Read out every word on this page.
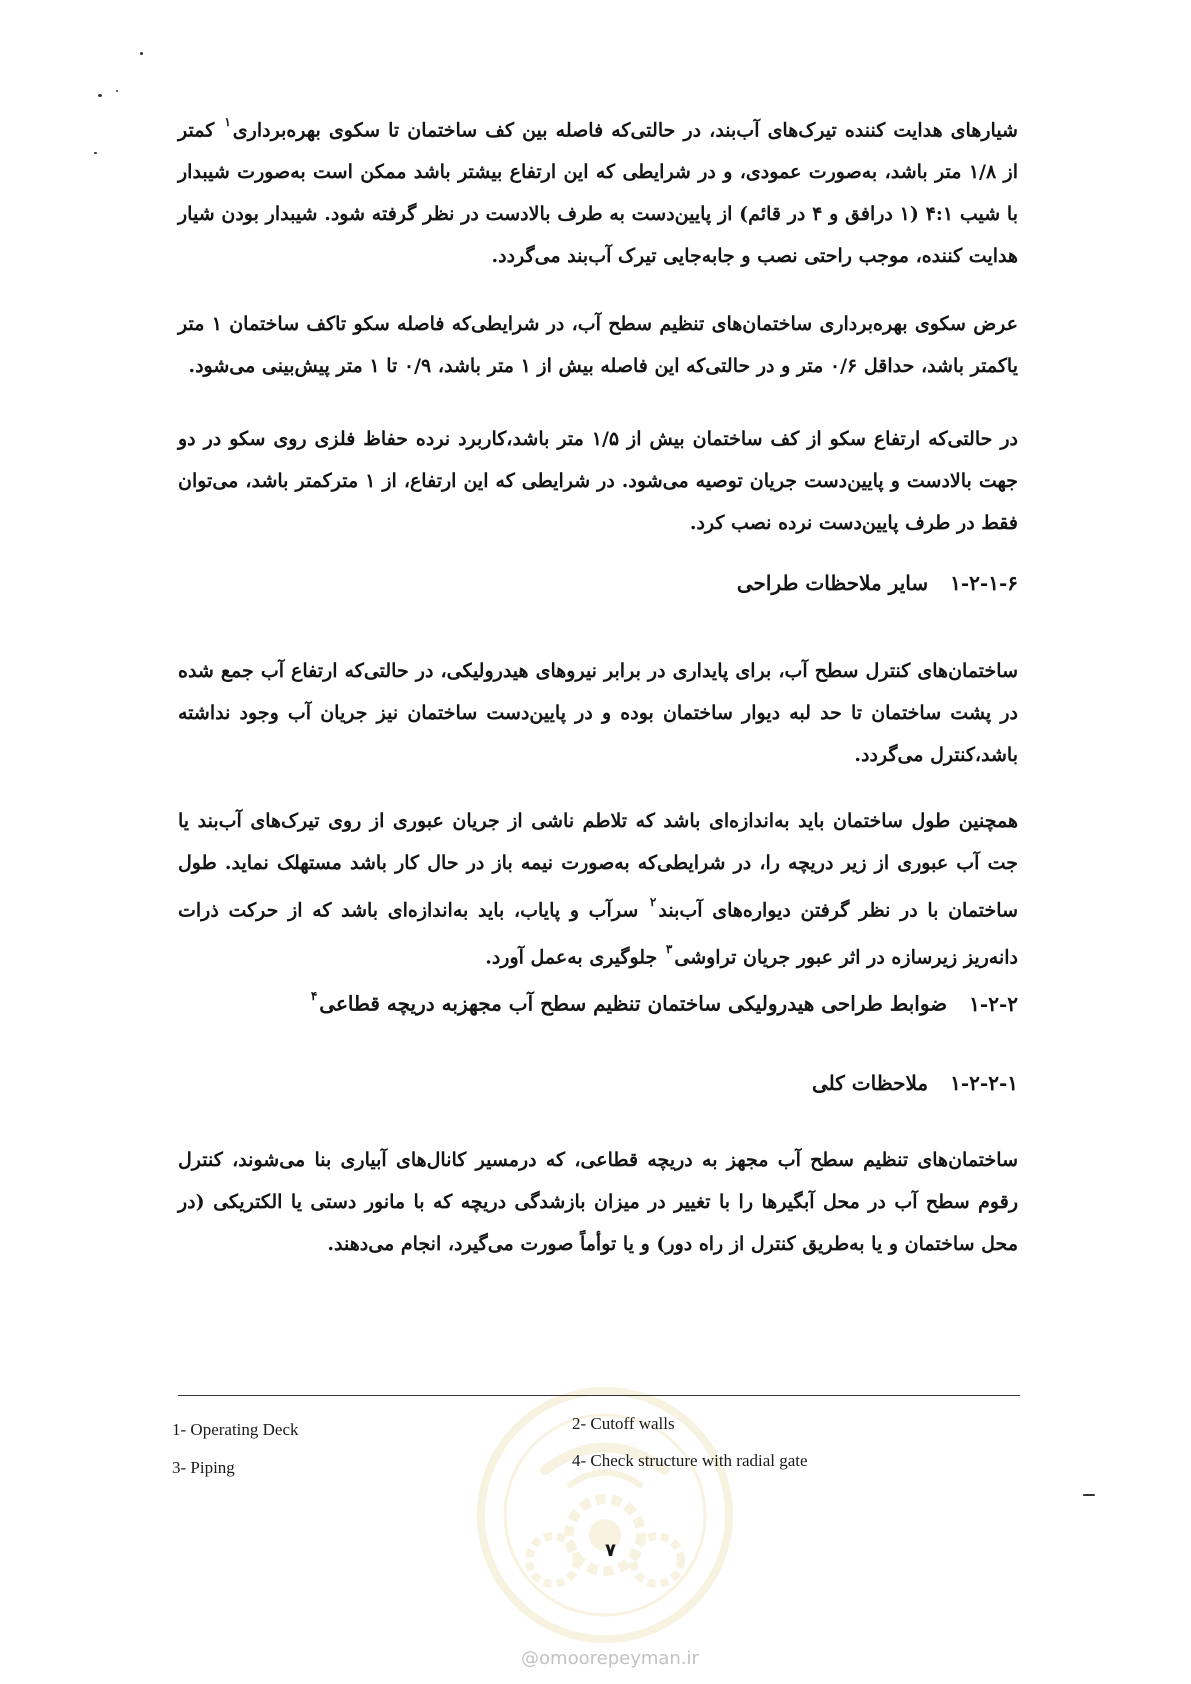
شیارهای هدایت کننده تیرک‌های آب‌بند، در حالتی‌که فاصله بین کف ساختمان تا سکوی بهره‌برداری$^۱$ کمتر از ۱/۸ متر باشد، به‌صورت عمودی، و در شرایطی که این ارتفاع بیشتر باشد ممکن است به‌صورت شیبدار با شیب ۴:۱ (۱ درافق و ۴ در قائم) از پایین‌دست به طرف بالادست در نظر گرفته شود. شیبدار بودن شیار هدایت کننده، موجب راحتی نصب و جابه‌جایی تیرک آب‌بند می‌گردد.
عرض سکوی بهره‌برداری ساختمان‌های تنظیم سطح آب، در شرایطی‌که فاصله سکو تاکف ساختمان ۱ متر یاکمتر باشد، حداقل ۰/۶ متر و در حالتی‌که این فاصله بیش از ۱ متر باشد، ۰/۹ تا ۱ متر پیش‌بینی می‌شود.
در حالتی‌که ارتفاع سکو از کف ساختمان بیش از ۱/۵ متر باشد،کاربرد نرده حفاظ فلزی روی سکو در دو جهت بالادست و پایین‌دست جریان توصیه می‌شود. در شرایطی که این ارتفاع، از ۱ مترکمتر باشد، می‌توان فقط در طرف پایین‌دست نرده نصب کرد.
۱-۲-۱-۶سایر ملاحظات طراحی
ساختمان‌های کنترل سطح آب، برای پایداری در برابر نیروهای هیدرولیکی، در حالتی‌که ارتفاع آب جمع شده در پشت ساختمان تا حد لبه دیوار ساختمان بوده و در پایین‌دست ساختمان نیز جریان آب وجود نداشته باشد،کنترل می‌گردد.
همچنین طول ساختمان باید به‌اندازه‌ای باشد که تلاطم ناشی از جریان عبوری از روی تیرک‌های آب‌بند یا جت آب عبوری از زیر دریچه را، در شرایطی‌که به‌صورت نیمه باز در حال کار باشد مستهلک نماید. طول ساختمان با در نظر گرفتن دیواره‌های آب‌بند$^۲$ سرآب و پایاب، باید به‌اندازه‌ای باشد که از حرکت ذرات دانه‌ریز زیرسازه در اثر عبور جریان تراوشی$^۳$ جلوگیری به‌عمل آورد.
۱-۲-۲ضوابط طراحی هیدرولیکی ساختمان تنظیم سطح آب مجهزبه دریچه قطاعی$^۴$
۱-۲-۲-۱ملاحظات کلی
ساختمان‌های تنظیم سطح آب مجهز به دریچه قطاعی، که درمسیر کانال‌های آبیاری بنا می‌شوند، کنترل رقوم سطح آب در محل آبگیرها را با تغییر در میزان بازشدگی دریچه که با مانور دستی یا الکتریکی (در محل ساختمان و یا به‌طریق کنترل از راه دور) و یا توأماً صورت می‌گیرد، انجام می‌دهند.
1- Operating Deck	2- Cutoff walls
3- Piping	4- Check structure with radial gate
۷
@omoorepeyman.ir
